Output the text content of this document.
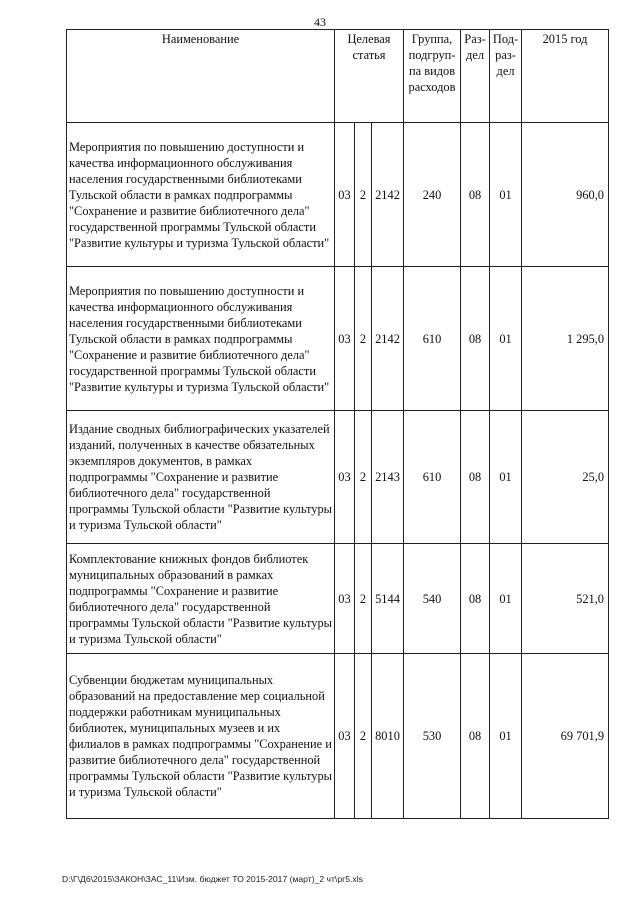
43
Наименование	Целевая статья			Группа, подгруп-па видов расходов	Раз-дел	Под-раз-дел	2015 год
Мероприятия по повышению доступности и качества информационного обслуживания населения государственными библиотеками Тульской области в рамках подпрограммы "Сохранение и развитие библиотечного дела" государственной программы Тульской области "Развитие культуры и туризма Тульской области"	03	2	2142	240	08	01	960,0
Мероприятия по повышению доступности и качества информационного обслуживания населения государственными библиотеками Тульской области в рамках подпрограммы "Сохранение и развитие библиотечного дела" государственной программы Тульской области "Развитие культуры и туризма Тульской области"	03	2	2142	610	08	01	1 295,0
Издание сводных библиографических указателей изданий, полученных в качестве обязательных экземпляров документов, в рамках подпрограммы "Сохранение и развитие библиотечного дела" государственной программы Тульской области "Развитие культуры и туризма Тульской области"	03	2	2143	610	08	01	25,0
Комплектование книжных фондов библиотек муниципальных образований в рамках подпрограммы "Сохранение и развитие библиотечного дела" государственной программы Тульской области "Развитие культуры и туризма Тульской области"	03	2	5144	540	08	01	521,0
Субвенции бюджетам муниципальных образований на предоставление мер социальной поддержки работникам муниципальных библиотек, муниципальных музеев и их филиалов в рамках подпрограммы "Сохранение и развитие библиотечного дела" государственной программы Тульской области "Развитие культуры и туризма Тульской области"	03	2	8010	530	08	01	69 701,9
D:\Г\Д6\2015\ЗАКОН\ЗАС_11\Изм. бюджет ТО 2015-2017 (март)_2 чт\рг5.xls
